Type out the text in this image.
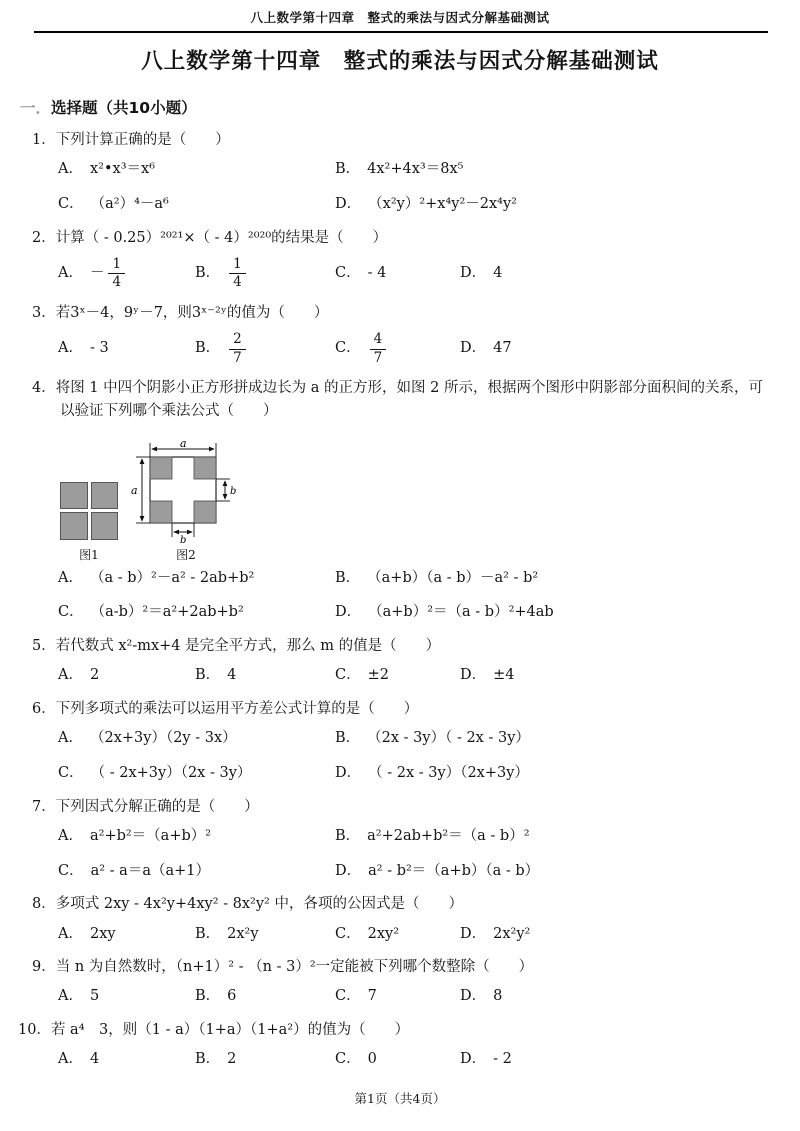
八上数学第十四章　整式的乘法与因式分解基础测试
八上数学第十四章　整式的乘法与因式分解基础测试
一．选择题（共10小题）
1．下列计算正确的是（　　）
A． x²•x³＝x⁶	B． 4x²+4x³＝8x⁵
C． （a²）⁴－a⁶	D． （x²y）²+x⁴y²－2x⁴y²
2．计算（ - 0.25）²⁰²¹×（ - 4）²⁰²⁰的结果是（　　）
A． － $\frac{1}{4}$	B． $\frac{1}{4}$	C． - 4	D． 4
3．若3ˣ－4，9ʸ－7，则3ˣ⁻²ʸ的值为（　　）
A． - 3	B． $\frac{2}{7}$	C． $\frac{4}{7}$	D． 47
4．将图 1 中四个阴影小正方形拼成边长为 a 的正方形，如图 2 所示，根据两个图形中阴影部分面积间的关系，可以验证下列哪个乘法公式（　　）
图1
a
a	b
b
图2
A． （a - b）²－a² - 2ab+b²	B． （a+b）（a - b）－a² - b²
C． （a-b）²＝a²+2ab+b²	D． （a+b）²＝（a - b）²+4ab
5．若代数式 x²-mx+4 是完全平方式，那么 m 的值是（　　）
A． 2	B． 4	C． ±2	D． ±4
6．下列多项式的乘法可以运用平方差公式计算的是（　　）
A． （2x+3y）（2y - 3x）	B． （2x - 3y）（ - 2x - 3y）
C． （ - 2x+3y）（2x - 3y）	D． （ - 2x - 3y）（2x+3y）
7．下列因式分解正确的是（　　）
A． a²+b²＝（a+b）²	B． a²+2ab+b²＝（a - b）²
C． a² - a＝a（a+1）	D． a² - b²＝（a+b）（a - b）
8．多项式 2xy - 4x²y+4xy² - 8x²y² 中，各项的公因式是（　　）
A． 2xy	B． 2x²y	C． 2xy²	D． 2x²y²
9．当 n 为自然数时，（n+1）² - （n - 3）²一定能被下列哪个数整除（　　）
A． 5	B． 6	C． 7	D． 8
10．若 a⁴　3，则（1 - a）（1+a）（1+a²）的值为（　　）
A． 4	B． 2	C． 0	D． - 2
第1页（共4页）
